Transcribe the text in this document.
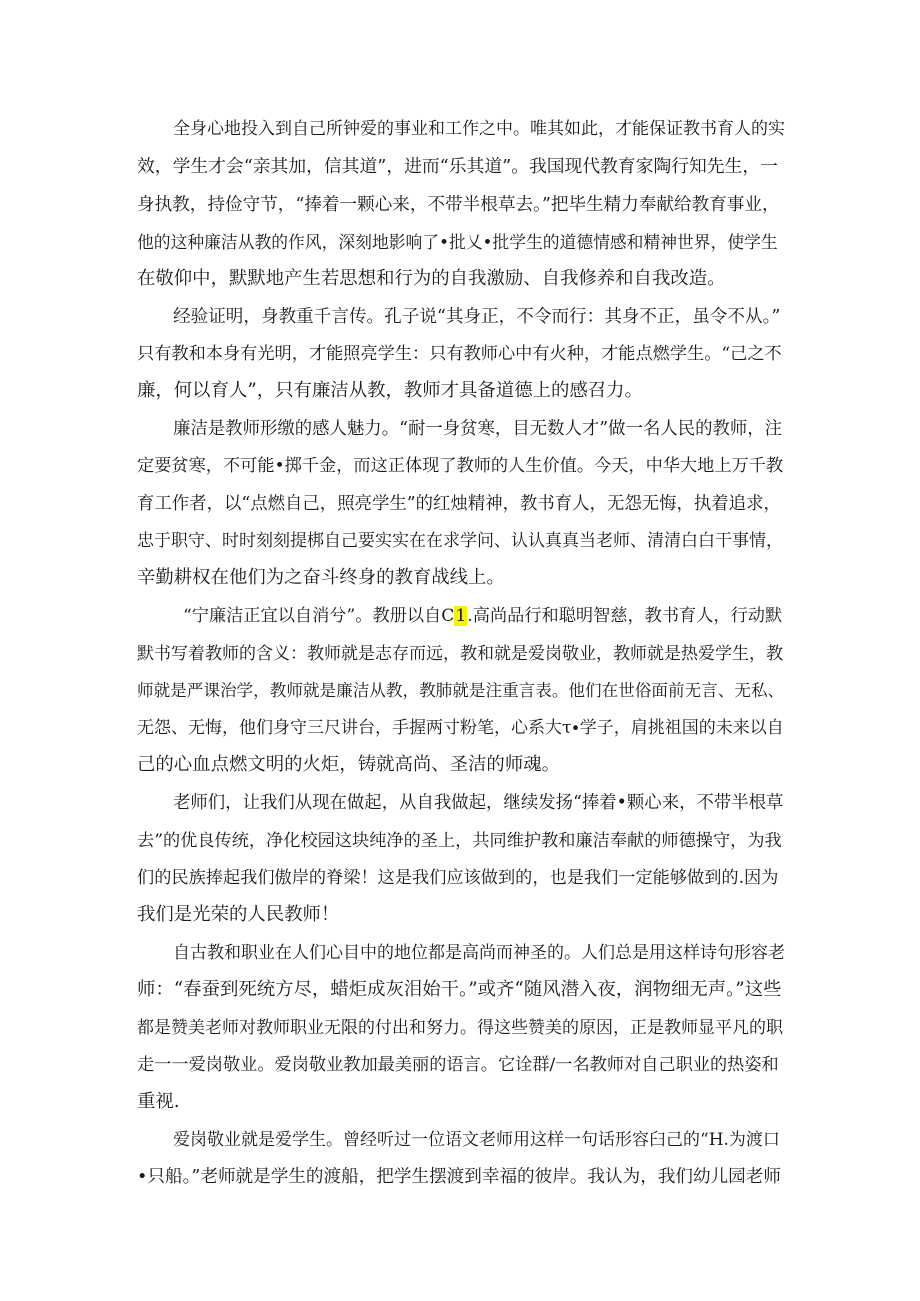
全身心地投入到自己所钟爱的事业和工作之中。唯其如此，才能保证教书育人的实
效，学生才会“亲其加，信其道”，进而“乐其道”。我国现代教育家陶行知先生，一
身执教，持俭守节，“捧着一颗心来，不带半根草去。”把毕生精力奉献给教育事业，
他的这种廉洁从教的作风，深刻地影响了•批乂•批学生的道德情感和精神世界，使学生
在敬仰中，默默地产生若思想和行为的自我激励、自我修养和自我改造。
经验证明，身教重千言传。孔子说“其身正，不令而行：其身不正，虽令不从。”
只有教和本身有光明，才能照亮学生：只有教师心中有火种，才能点燃学生。“己之不
廉，何以育人”，只有廉洁从教，教师才具备道德上的感召力。
廉洁是教师形缴的感人魅力。“耐一身贫寒，目无数人才”做一名人民的教师，注
定要贫寒，不可能•掷千金，而这正体现了教师的人生价值。今天，中华大地上万千教
育工作者，以“点燃自己，照亮学生”的红烛精神，教书育人，无怨无悔，执着追求，
忠于职守、时时刻刻提梆自己要实实在在求学问、认认真真当老师、清清白白干事情，
辛勤耕权在他们为之奋斗终身的教育战线上。
“宁廉洁正宜以自消兮”。教册以自C1.高尚品行和聪明智慈，教书育人，行动默
默书写着教师的含义：教师就是志存而远，教和就是爱岗敬业，教师就是热爱学生，教
师就是严课治学，教师就是廉洁从教，教肺就是注重言表。他们在世俗面前无言、无私、
无怨、无悔，他们身守三尺讲台，手握两寸粉笔，心系大τ∙学子，肩挑祖国的未来以自
己的心血点燃文明的火炬，铸就高尚、圣洁的师魂。
老师们，让我们从现在做起，从自我做起，继续发扬“捧着•颗心来，不带半根草
去”的优良传统，净化校园这块纯净的圣上，共同维护教和廉洁奉献的师德操守，为我
们的民族捧起我们傲岸的脊梁！这是我们应该做到的，也是我们一定能够做到的.因为
我们是光荣的人民教师！
自古教和职业在人们心目中的地位都是高尚而神圣的。人们总是用这样诗句形容老
师：“春蚕到死统方尽，蜡炬成灰泪始干。”或齐“随风潜入夜，润物细无声。”这些
都是赞美老师对教师职业无限的付出和努力。得这些赞美的原因，正是教师显平凡的职
走一一爱岗敬业。爱岗敬业教加最美丽的语言。它诠群/一名教师对自己职业的热姿和
重视.
爱岗敬业就是爱学生。曾经听过一位语文老师用这样一句话形容臼己的“H.为渡口
•只船。”老师就是学生的渡船，把学生摆渡到幸福的彼岸。我认为，我们幼儿园老师
